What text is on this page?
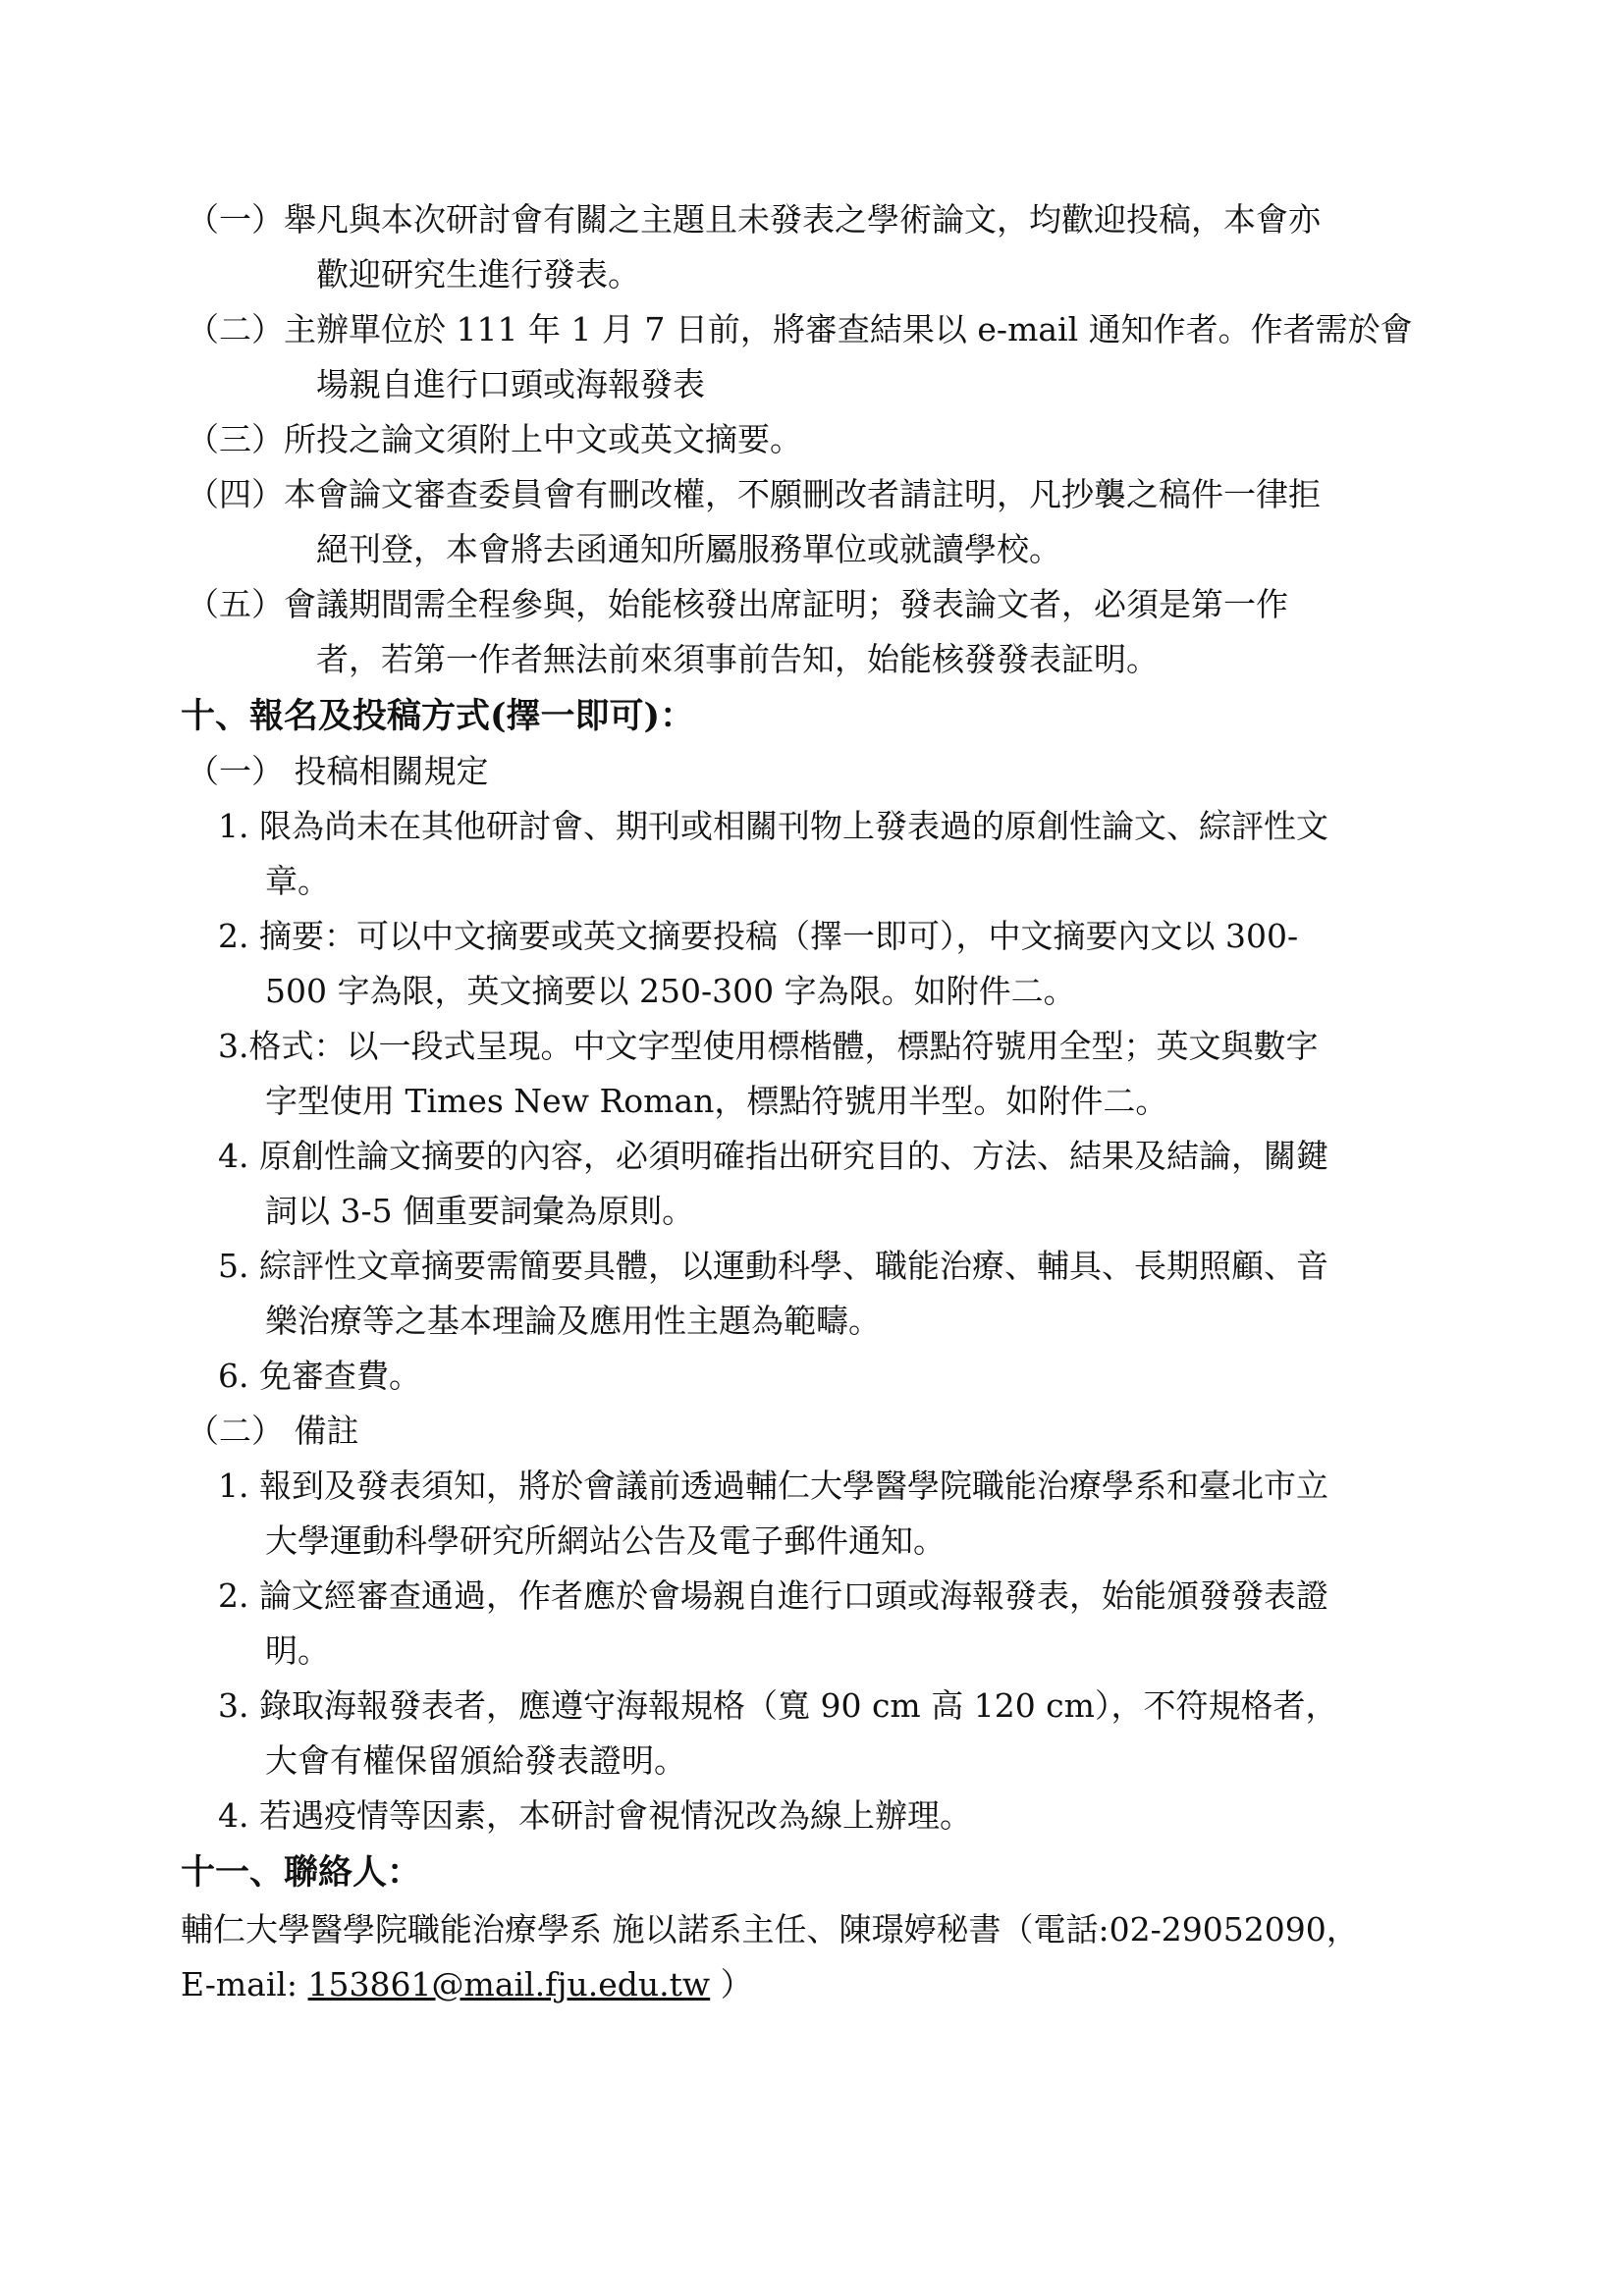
（一）舉凡與本次研討會有關之主題且未發表之學術論文，均歡迎投稿，本會亦
歡迎研究生進行發表。
（二）主辦單位於 111 年 1 月 7 日前，將審查結果以 e-mail 通知作者。作者需於會
場親自進行口頭或海報發表
（三）所投之論文須附上中文或英文摘要。
（四）本會論文審查委員會有刪改權，不願刪改者請註明，凡抄襲之稿件一律拒
絕刊登，本會將去函通知所屬服務單位或就讀學校。
（五）會議期間需全程參與，始能核發出席証明；發表論文者，必須是第一作
者，若第一作者無法前來須事前告知，始能核發發表証明。
十、報名及投稿方式(擇一即可)：
（一） 投稿相關規定
1. 限為尚未在其他研討會、期刊或相關刊物上發表過的原創性論文、綜評性文
章。
2. 摘要：可以中文摘要或英文摘要投稿（擇一即可），中文摘要內文以 300-
500 字為限，英文摘要以 250-300 字為限。如附件二。
3.格式：以一段式呈現。中文字型使用標楷體，標點符號用全型；英文與數字
字型使用 Times New Roman，標點符號用半型。如附件二。
4. 原創性論文摘要的內容，必須明確指出研究目的、方法、結果及結論，關鍵
詞以 3-5 個重要詞彙為原則。
5. 綜評性文章摘要需簡要具體，以運動科學、職能治療、輔具、長期照顧、音
樂治療等之基本理論及應用性主題為範疇。
6. 免審查費。
（二） 備註
1. 報到及發表須知，將於會議前透過輔仁大學醫學院職能治療學系和臺北市立
大學運動科學研究所網站公告及電子郵件通知。
2. 論文經審查通過，作者應於會場親自進行口頭或海報發表，始能頒發發表證
明。
3. 錄取海報發表者，應遵守海報規格（寬 90 cm 高 120 cm），不符規格者，
大會有權保留頒給發表證明。
4. 若遇疫情等因素，本研討會視情況改為線上辦理。
十一、聯絡人：
輔仁大學醫學院職能治療學系 施以諾系主任、陳璟婷秘書（電話:02-29052090，
E-mail: 153861@mail.fju.edu.tw ）
